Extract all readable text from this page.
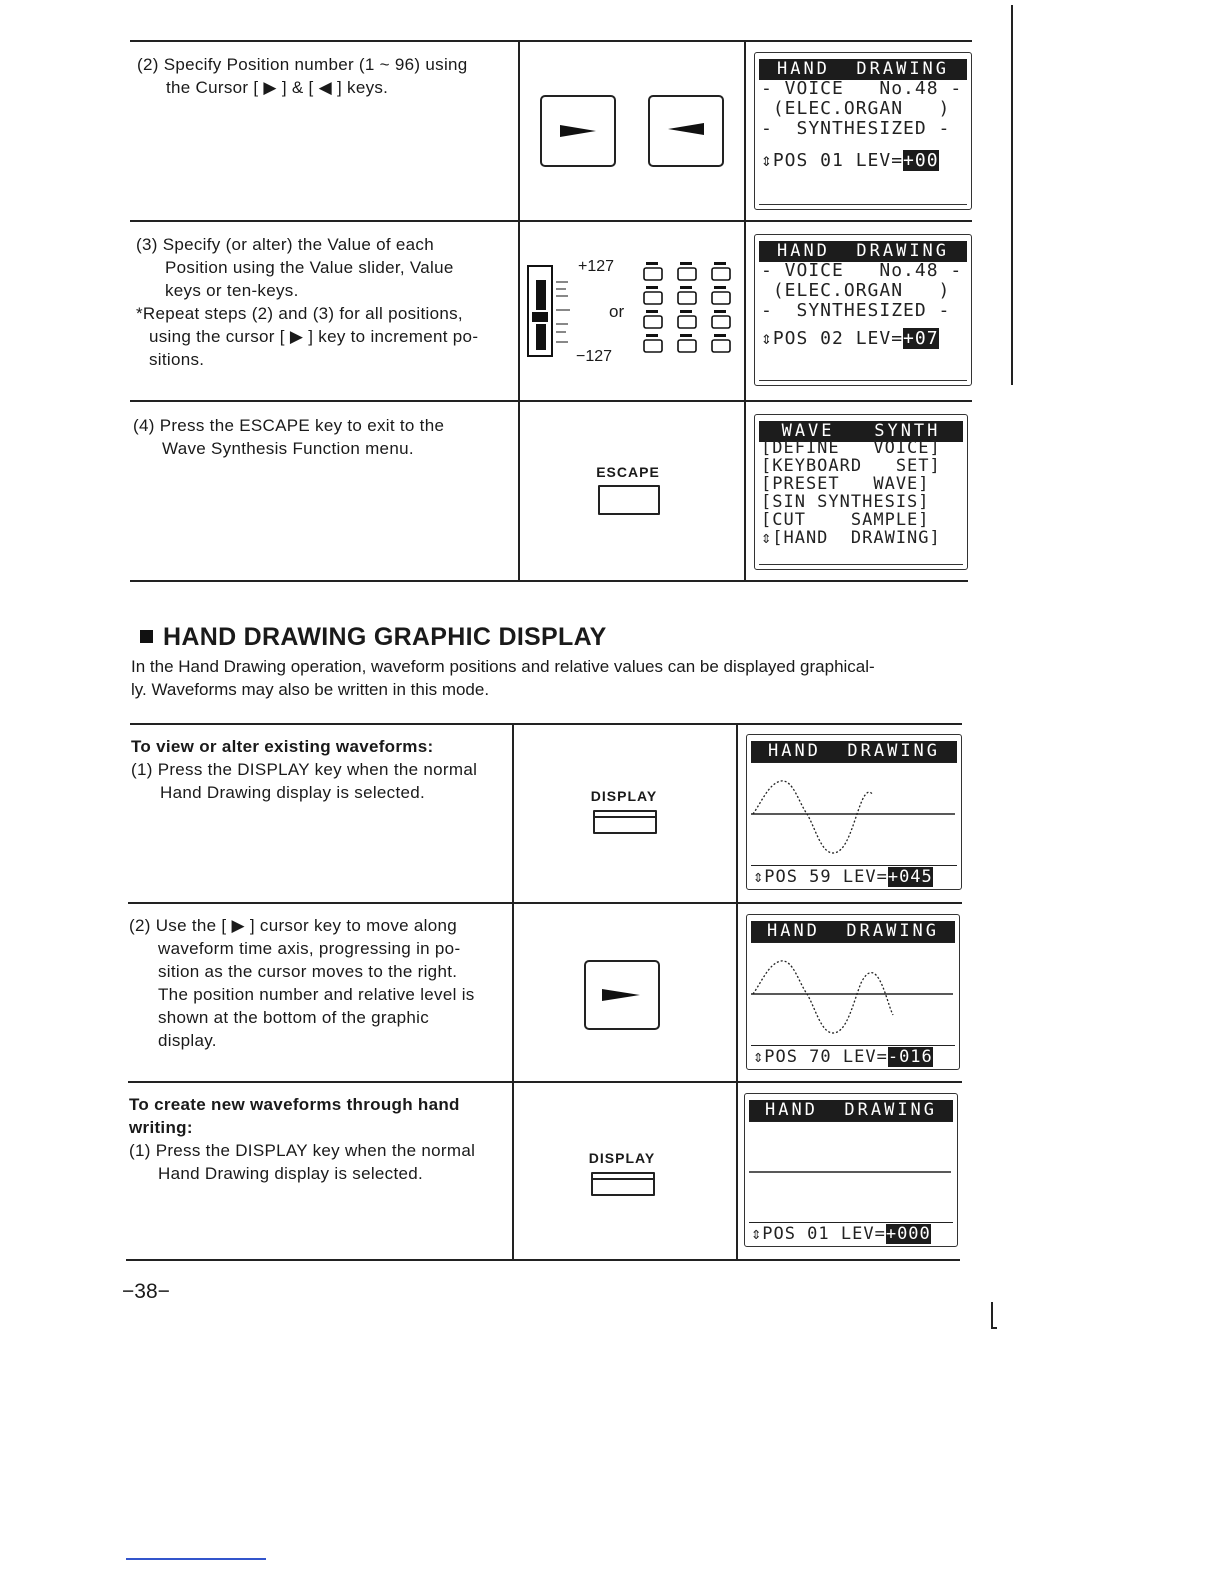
(2) Specify Position number (1 ~ 96) using

the Cursor [ ▶ ] & [ ◀ ] keys.

HAND  DRAWING
- VOICE   No.48 -
(ELEC.ORGAN   )
-  SYNTHESIZED -
⇕POS 01 LEV=+00

(3) Specify (or alter) the Value of each

Position using the Value slider, Value

keys or ten-keys.

*Repeat steps (2) and (3) for all positions,

using the cursor [ ▶ ] key to increment po-

sitions.

+127
−127
or
HAND  DRAWING
- VOICE   No.48 -
(ELEC.ORGAN   )
-  SYNTHESIZED -
⇕POS 02 LEV=+07

(4) Press the ESCAPE key to exit to the

Wave Synthesis Function menu.

ESCAPE
WAVE   SYNTH
[DEFINE   VOICE]
[KEYBOARD   SET]
[PRESET   WAVE]
[SIN SYNTHESIS]
[CUT    SAMPLE]
⇕[HAND  DRAWING]
HAND DRAWING GRAPHIC DISPLAY
In the Hand Drawing operation, waveform positions and relative values can be displayed graphical-
ly. Waveforms may also be written in this mode.

To view or alter existing waveforms:

(1) Press the DISPLAY key when the normal

Hand Drawing display is selected.	DISPLAY
HAND  DRAWING
⇕POS 59 LEV=+045

(2) Use the [ ▶ ] cursor key to move along

waveform time axis, progressing in po-

sition as the cursor moves to the right.

The position number and relative level is

shown at the bottom of the graphic

display.

HAND  DRAWING
⇕POS 70 LEV=-016

To create new waveforms through hand

writing:

(1) Press the DISPLAY key when the normal

Hand Drawing display is selected.

DISPLAY
HAND  DRAWING
⇕POS 01 LEV=+000
−38−
